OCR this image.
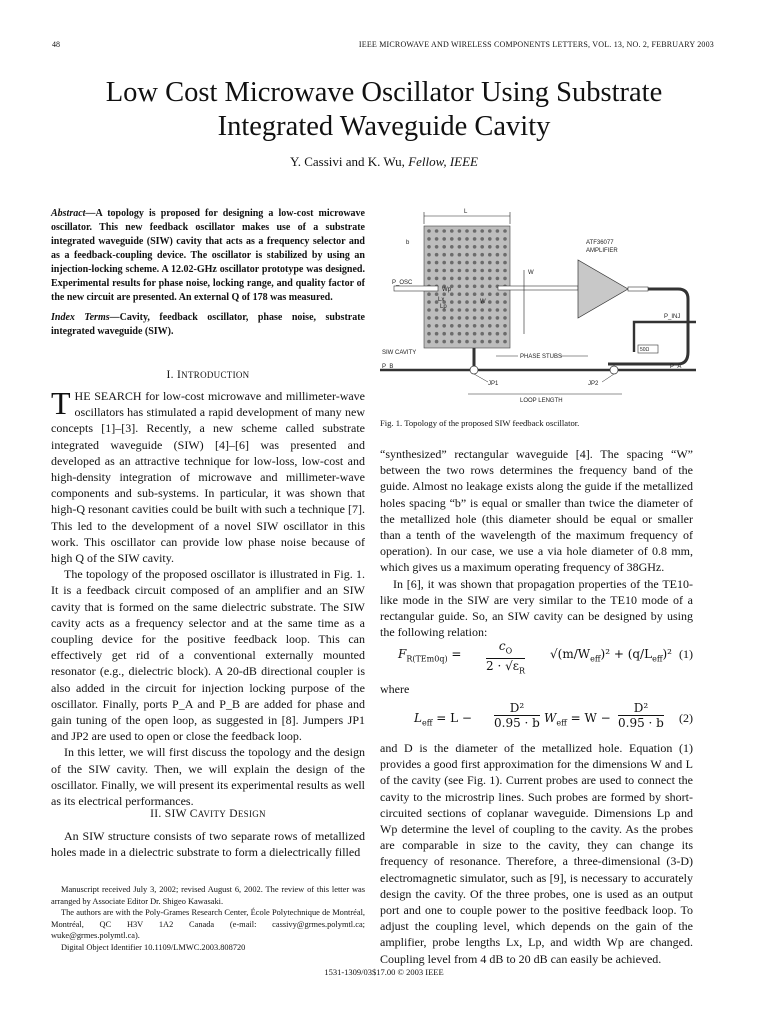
48	IEEE MICROWAVE AND WIRELESS COMPONENTS LETTERS, VOL. 13, NO. 2, FEBRUARY 2003
Low Cost Microwave Oscillator Using Substrate
Integrated Waveguide Cavity
Y. Cassivi and K. Wu, Fellow, IEEE

Abstract—A topology is proposed for designing a low-cost microwave oscillator. This new feedback oscillator makes use of a substrate integrated waveguide (SIW) cavity that acts as a frequency selector and as a feedback-coupling device. The oscillator is stabilized by using an injection-locking scheme. A 12.02-GHz oscillator prototype was designed. Experimental results for phase noise, locking range, and quality factor of the new circuit are presented. An external Q of 178 was measured.

Index Terms—Cavity, feedback oscillator, phase noise, substrate integrated waveguide (SIW).

I. INTRODUCTION

THE SEARCH for low-cost microwave and millimeter-wave oscillators has stimulated a rapid development of many new concepts [1]–[3]. Recently, a new scheme called substrate integrated waveguide (SIW) [4]–[6] was presented and developed as an attractive technique for low-loss, low-cost and high-density integration of microwave and millimeter-wave components and sub-systems. In particular, it was shown that high-Q resonant cavities could be built with such a technique [7]. This led to the development of a novel SIW oscillator in this work. This oscillator can provide low phase noise because of high Q of the SIW cavity.

The topology of the proposed oscillator is illustrated in Fig. 1. It is a feedback circuit composed of an amplifier and an SIW cavity that is formed on the same dielectric substrate. The SIW cavity acts as a frequency selector and at the same time as a coupling device for the positive feedback loop. This can effectively get rid of a conventional externally mounted resonator (e.g., dielectric block). A 20-dB directional coupler is also added in the circuit for injection locking purpose of the oscillator. Finally, ports P_A and P_B are added for phase and gain tuning of the open loop, as suggested in [8]. Jumpers JP1 and JP2 are used to open or close the feedback loop.

In this letter, we will first discuss the topology and the design of the SIW cavity. Then, we will explain the design of the oscillator. Finally, we will present its experimental results as well as its electrical performances.

II. SIW CAVITY DESIGN

An SIW structure consists of two separate rows of metallized holes made in a dielectric substrate to form a dielectrically filled

Manuscript received July 3, 2002; revised August 6, 2002. The review of this letter was arranged by Associate Editor Dr. Shigeo Kawasaki.

The authors are with the Poly-Grames Research Center, École Polytechnique de Montréal, Montréal, QC H3V 1A2 Canada (e-mail: cassivy@grmes.polymtl.ca; wuke@grmes.polymtl.ca).

Digital Object Identifier 10.1109/LMWC.2003.808720

L
b
P_OSC
Wp
Lx
Lp
W
W
ATF36077
AMPLIFIER
P_INJ
50Ω
SIW CAVITY
P_B	P_A
PHASE STUBS
JP1	JP2
LOOP LENGTH
Fig. 1. Topology of the proposed SIW feedback oscillator.

“synthesized” rectangular waveguide [4]. The spacing “W” between the two rows determines the frequency band of the guide. Almost no leakage exists along the guide if the metallized holes spacing “b” is equal or smaller than twice the diameter of the metallized hole (this diameter should be equal or smaller than a tenth of the wavelength of the maximum frequency of operation). In our case, we use a via hole diameter of 0.8 mm, which gives us a maximum operating frequency of 38GHz.

In [6], it was shown that propagation properties of the TE10-like mode in the SIW are very similar to the TE10 mode of a rectangular guide. So, an SIW cavity can be designed by using the following relation:

$F_{R(TEm0q)} = \frac{c_O}{2 \cdot √\varepsilon_R} √(m/W_{eff})^2 + (q/L_{eff})^2$ (1)

where

$L_{eff} = L - \frac{\text{D²}}{0.95 \cdot b} W_{eff} = W - \frac{\text{D²}}{0.95 \cdot b} (2)$

and D is the diameter of the metallized hole. Equation (1) provides a good first approximation for the dimensions W and L of the cavity (see Fig. 1). Current probes are used to connect the cavity to the microstrip lines. Such probes are formed by short-circuited sections of coplanar waveguide. Dimensions Lp and Wp determine the level of coupling to the cavity. As the probes are comparable in size to the cavity, they can change its frequency of resonance. Therefore, a three-dimensional (3-D) electromagnetic simulator, such as [9], is necessary to accurately design the cavity. Of the three probes, one is used as an output port and one to couple power to the positive feedback loop. To adjust the coupling level, which depends on the gain of the amplifier, probe lengths Lx, Lp, and width Wp are changed. Coupling level from 4 dB to 20 dB can easily be achieved.

1531-1309/03$17.00 © 2003 IEEE
